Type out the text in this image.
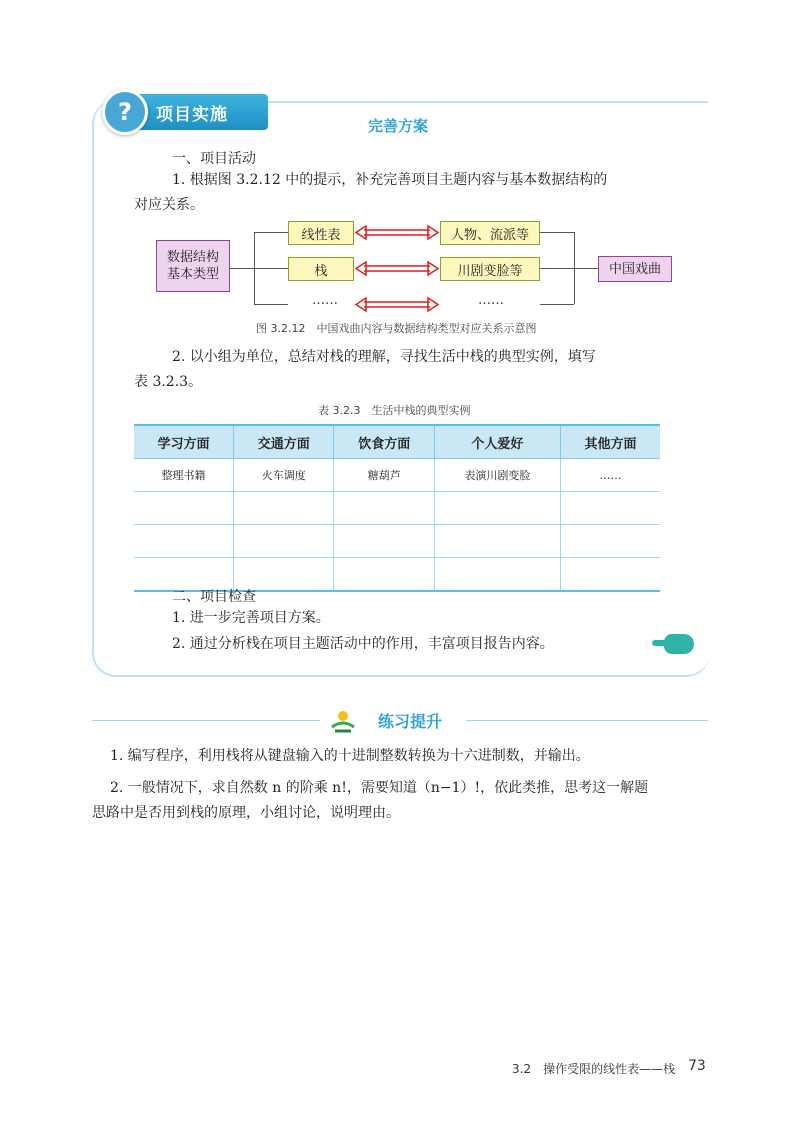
?	项目实施
完善方案
一、项目活动
1. 根据图 3.2.12 中的提示，补充完善项目主题内容与基本数据结构的
对应关系。
数据结构
基本类型
线性表
栈
……
人物、流派等
川剧变脸等
……
中国戏曲
图 3.2.12　中国戏曲内容与数据结构类型对应关系示意图
2. 以小组为单位，总结对栈的理解，寻找生活中栈的典型实例，填写
表 3.2.3。
表 3.2.3　生活中栈的典型实例
学习方面	交通方面	饮食方面	个人爱好	其他方面
整理书籍	火车调度	糖葫芦	表演川剧变脸	……

二、项目检查
1. 进一步完善项目方案。
2. 通过分析栈在项目主题活动中的作用，丰富项目报告内容。
练习提升
1. 编写程序，利用栈将从键盘输入的十进制整数转换为十六进制数，并输出。
2. 一般情况下，求自然数 n 的阶乘 n!，需要知道（n−1）!，依此类推，思考这一解题
思路中是否用到栈的原理，小组讨论，说明理由。
3.2　操作受限的线性表——栈 73
